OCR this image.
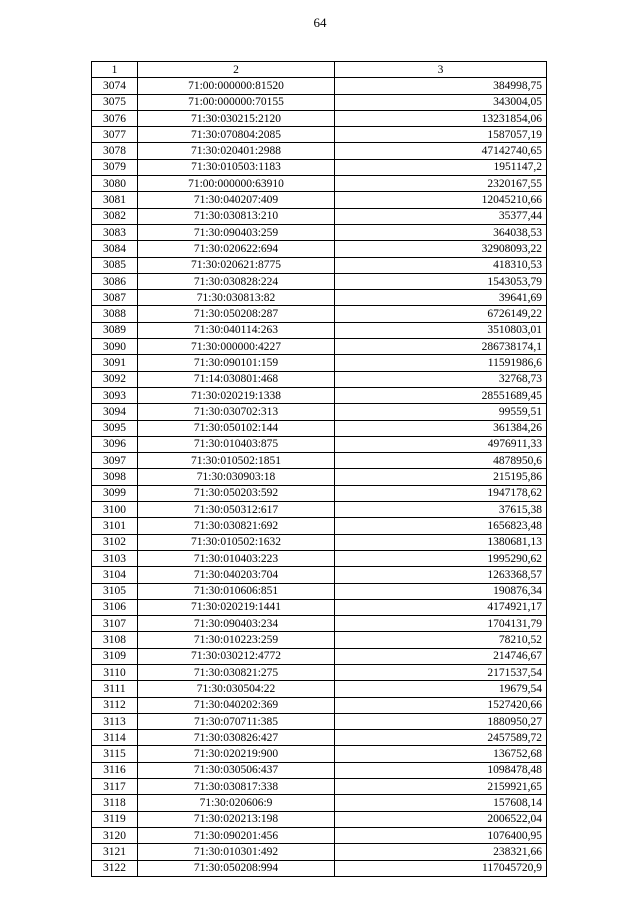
64
1	2	3
3074	71:00:000000:81520	384998,75
3075	71:00:000000:70155	343004,05
3076	71:30:030215:2120	13231854,06
3077	71:30:070804:2085	1587057,19
3078	71:30:020401:2988	47142740,65
3079	71:30:010503:1183	1951147,2
3080	71:00:000000:63910	2320167,55
3081	71:30:040207:409	12045210,66
3082	71:30:030813:210	35377,44
3083	71:30:090403:259	364038,53
3084	71:30:020622:694	32908093,22
3085	71:30:020621:8775	418310,53
3086	71:30:030828:224	1543053,79
3087	71:30:030813:82	39641,69
3088	71:30:050208:287	6726149,22
3089	71:30:040114:263	3510803,01
3090	71:30:000000:4227	286738174,1
3091	71:30:090101:159	11591986,6
3092	71:14:030801:468	32768,73
3093	71:30:020219:1338	28551689,45
3094	71:30:030702:313	99559,51
3095	71:30:050102:144	361384,26
3096	71:30:010403:875	4976911,33
3097	71:30:010502:1851	4878950,6
3098	71:30:030903:18	215195,86
3099	71:30:050203:592	1947178,62
3100	71:30:050312:617	37615,38
3101	71:30:030821:692	1656823,48
3102	71:30:010502:1632	1380681,13
3103	71:30:010403:223	1995290,62
3104	71:30:040203:704	1263368,57
3105	71:30:010606:851	190876,34
3106	71:30:020219:1441	4174921,17
3107	71:30:090403:234	1704131,79
3108	71:30:010223:259	78210,52
3109	71:30:030212:4772	214746,67
3110	71:30:030821:275	2171537,54
3111	71:30:030504:22	19679,54
3112	71:30:040202:369	1527420,66
3113	71:30:070711:385	1880950,27
3114	71:30:030826:427	2457589,72
3115	71:30:020219:900	136752,68
3116	71:30:030506:437	1098478,48
3117	71:30:030817:338	2159921,65
3118	71:30:020606:9	157608,14
3119	71:30:020213:198	2006522,04
3120	71:30:090201:456	1076400,95
3121	71:30:010301:492	238321,66
3122	71:30:050208:994	117045720,9
